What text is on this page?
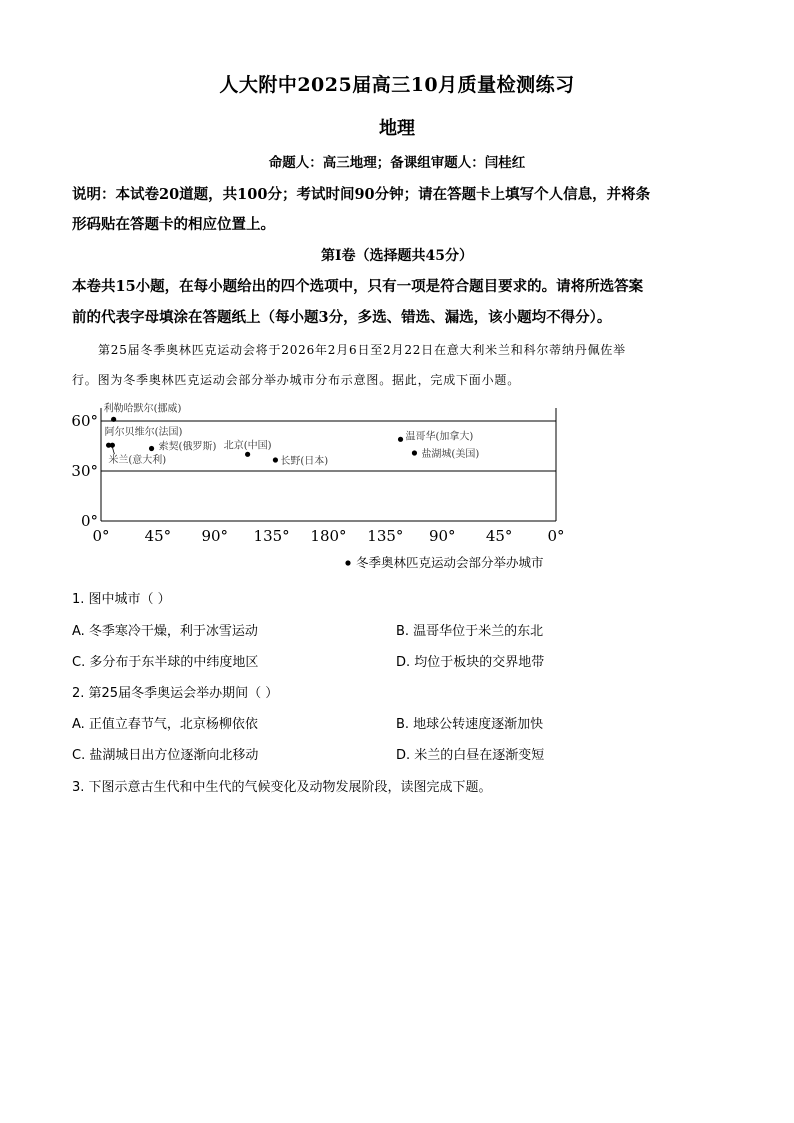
人大附中2025届高三10月质量检测练习
地理
命题人：高三地理；备课组审题人：闫桂红
说明：本试卷20道题，共100分；考试时间90分钟；请在答题卡上填写个人信息，并将条
形码贴在答题卡的相应位置上。
第Ⅰ卷（选择题共45分）
本卷共15小题，在每小题给出的四个选项中，只有一项是符合题目要求的。请将所选答案
前的代表字母填涂在答题纸上（每小题3分，多选、错选、漏选，该小题均不得分）。
第25届冬季奥林匹克运动会将于2026年2月6日至2月22日在意大利米兰和科尔蒂纳丹佩佐举
行。图为冬季奥林匹克运动会部分举办城市分布示意图。据此，完成下面小题。
60°
30°
0°
0° 45° 90° 135° 180° 135° 90° 45° 0°
利勒哈默尔(挪威)
阿尔贝维尔(法国)
米兰(意大利)
索契(俄罗斯) 北京(中国)
长野(日本)
温哥华(加拿大)
盐湖城(美国)
冬季奥林匹克运动会部分举办城市
1. 图中城市（ ）
A. 冬季寒冷干燥，利于冰雪运动	B. 温哥华位于米兰的东北
C. 多分布于东半球的中纬度地区	D. 均位于板块的交界地带
2. 第25届冬季奥运会举办期间（ ）
A. 正值立春节气，北京杨柳依依	B. 地球公转速度逐渐加快
C. 盐湖城日出方位逐渐向北移动	D. 米兰的白昼在逐渐变短
3. 下图示意古生代和中生代的气候变化及动物发展阶段，读图完成下题。
